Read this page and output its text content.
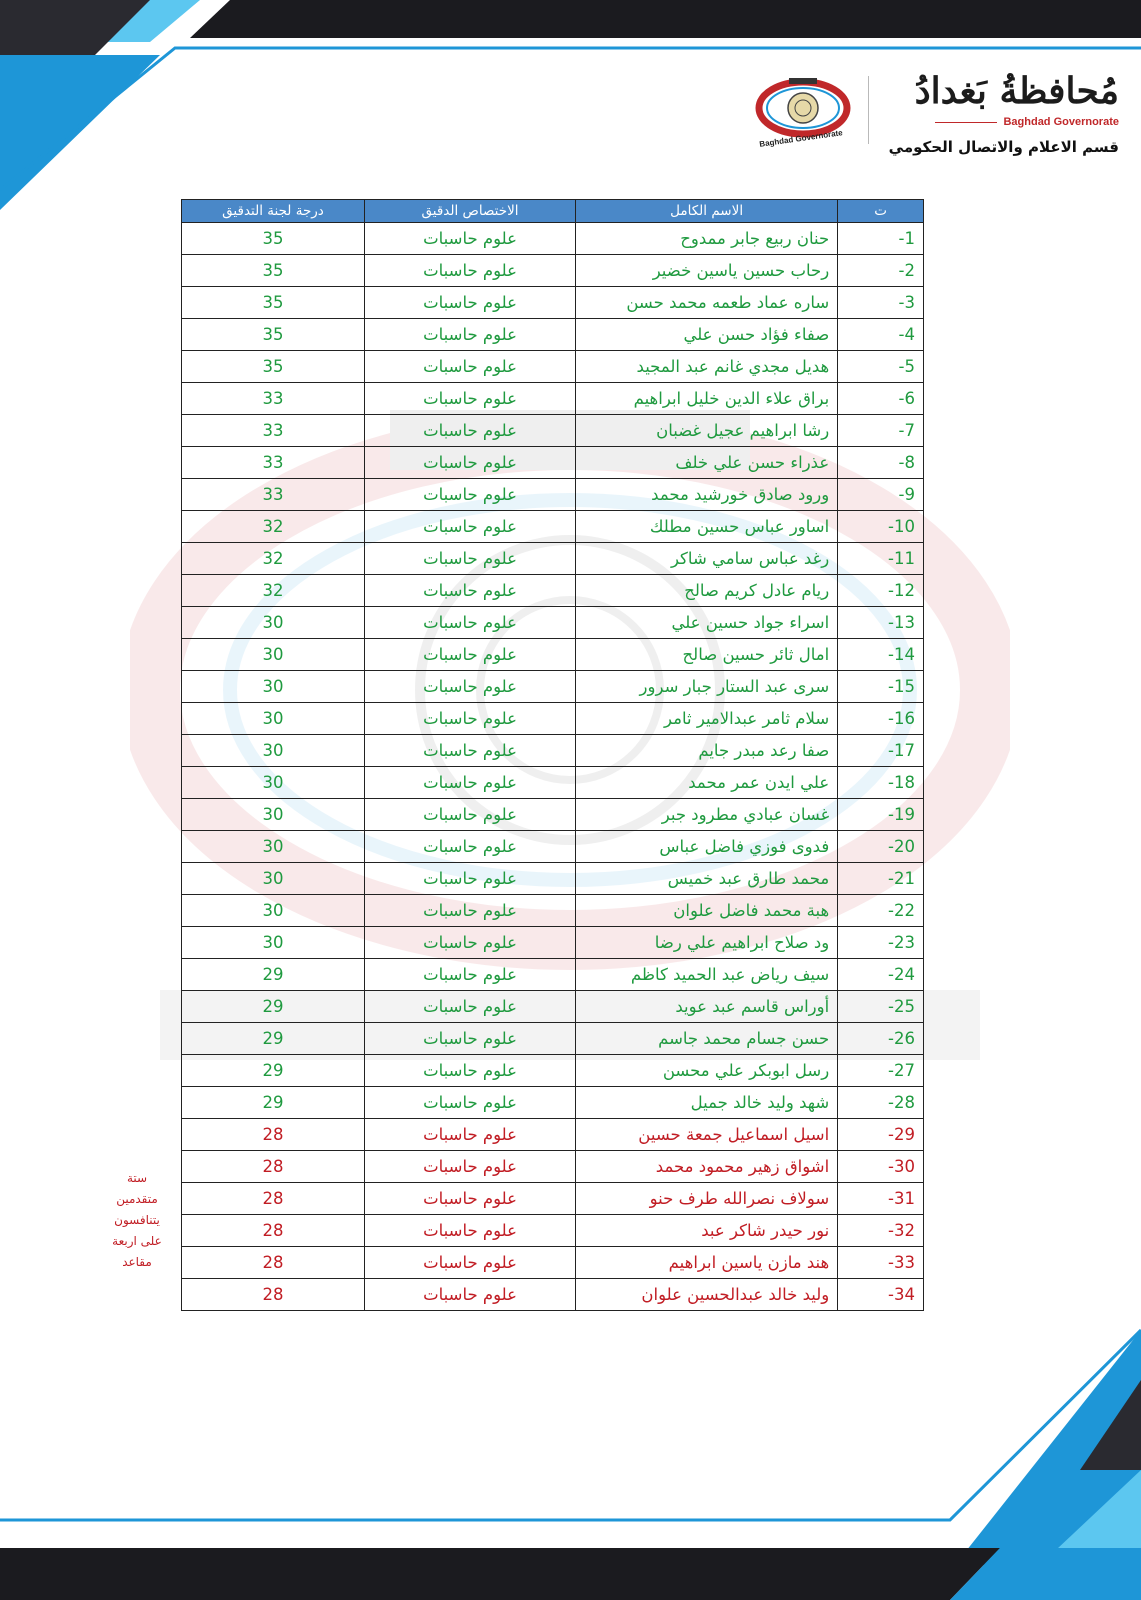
مُحافظةُ بَغدادُ
Baghdad Governorate
قسم الاعلام والاتصال الحكومي
Baghdad Governorate
ت	الاسم الكامل	الاختصاص الدقيق	درجة لجنة التدقيق
1-	حنان ربيع جابر ممدوح	علوم حاسبات	35
2-	رحاب حسين ياسين خضير	علوم حاسبات	35
3-	ساره عماد طعمه محمد حسن	علوم حاسبات	35
4-	صفاء فؤاد حسن علي	علوم حاسبات	35
5-	هديل مجدي غانم عبد المجيد	علوم حاسبات	35
6-	براق علاء الدين خليل ابراهيم	علوم حاسبات	33
7-	رشا ابراهيم عجيل غضبان	علوم حاسبات	33
8-	عذراء حسن علي خلف	علوم حاسبات	33
9-	ورود صادق خورشيد محمد	علوم حاسبات	33
10-	اساور عباس حسين مطلك	علوم حاسبات	32
11-	رغد عباس سامي شاكر	علوم حاسبات	32
12-	ريام عادل كريم صالح	علوم حاسبات	32
13-	اسراء جواد حسين علي	علوم حاسبات	30
14-	امال ثائر حسين صالح	علوم حاسبات	30
15-	سرى عبد الستار جبار سرور	علوم حاسبات	30
16-	سلام ثامر عبدالامير ثامر	علوم حاسبات	30
17-	صفا رعد مبدر جايم	علوم حاسبات	30
18-	علي ايدن عمر محمد	علوم حاسبات	30
19-	غسان عبادي مطرود جبر	علوم حاسبات	30
20-	فدوى فوزي فاضل عباس	علوم حاسبات	30
21-	محمد طارق عبد خميس	علوم حاسبات	30
22-	هبة محمد فاضل علوان	علوم حاسبات	30
23-	ود صلاح ابراهيم علي رضا	علوم حاسبات	30
24-	سيف رياض عبد الحميد كاظم	علوم حاسبات	29
25-	أوراس قاسم عبد عويد	علوم حاسبات	29
26-	حسن جسام محمد جاسم	علوم حاسبات	29
27-	رسل ابوبكر علي محسن	علوم حاسبات	29
28-	شهد وليد خالد جميل	علوم حاسبات	29
29-	اسيل اسماعيل جمعة حسين	علوم حاسبات	28
30-	اشواق زهير محمود محمد	علوم حاسبات	28
31-	سولاف نصرالله طرف حنو	علوم حاسبات	28
32-	نور حيدر شاكر عبد	علوم حاسبات	28
33-	هند مازن ياسين ابراهيم	علوم حاسبات	28
34-	وليد خالد عبدالحسين علوان	علوم حاسبات	28
ستة
متقدمين
يتنافسون
على اربعة
مقاعد
